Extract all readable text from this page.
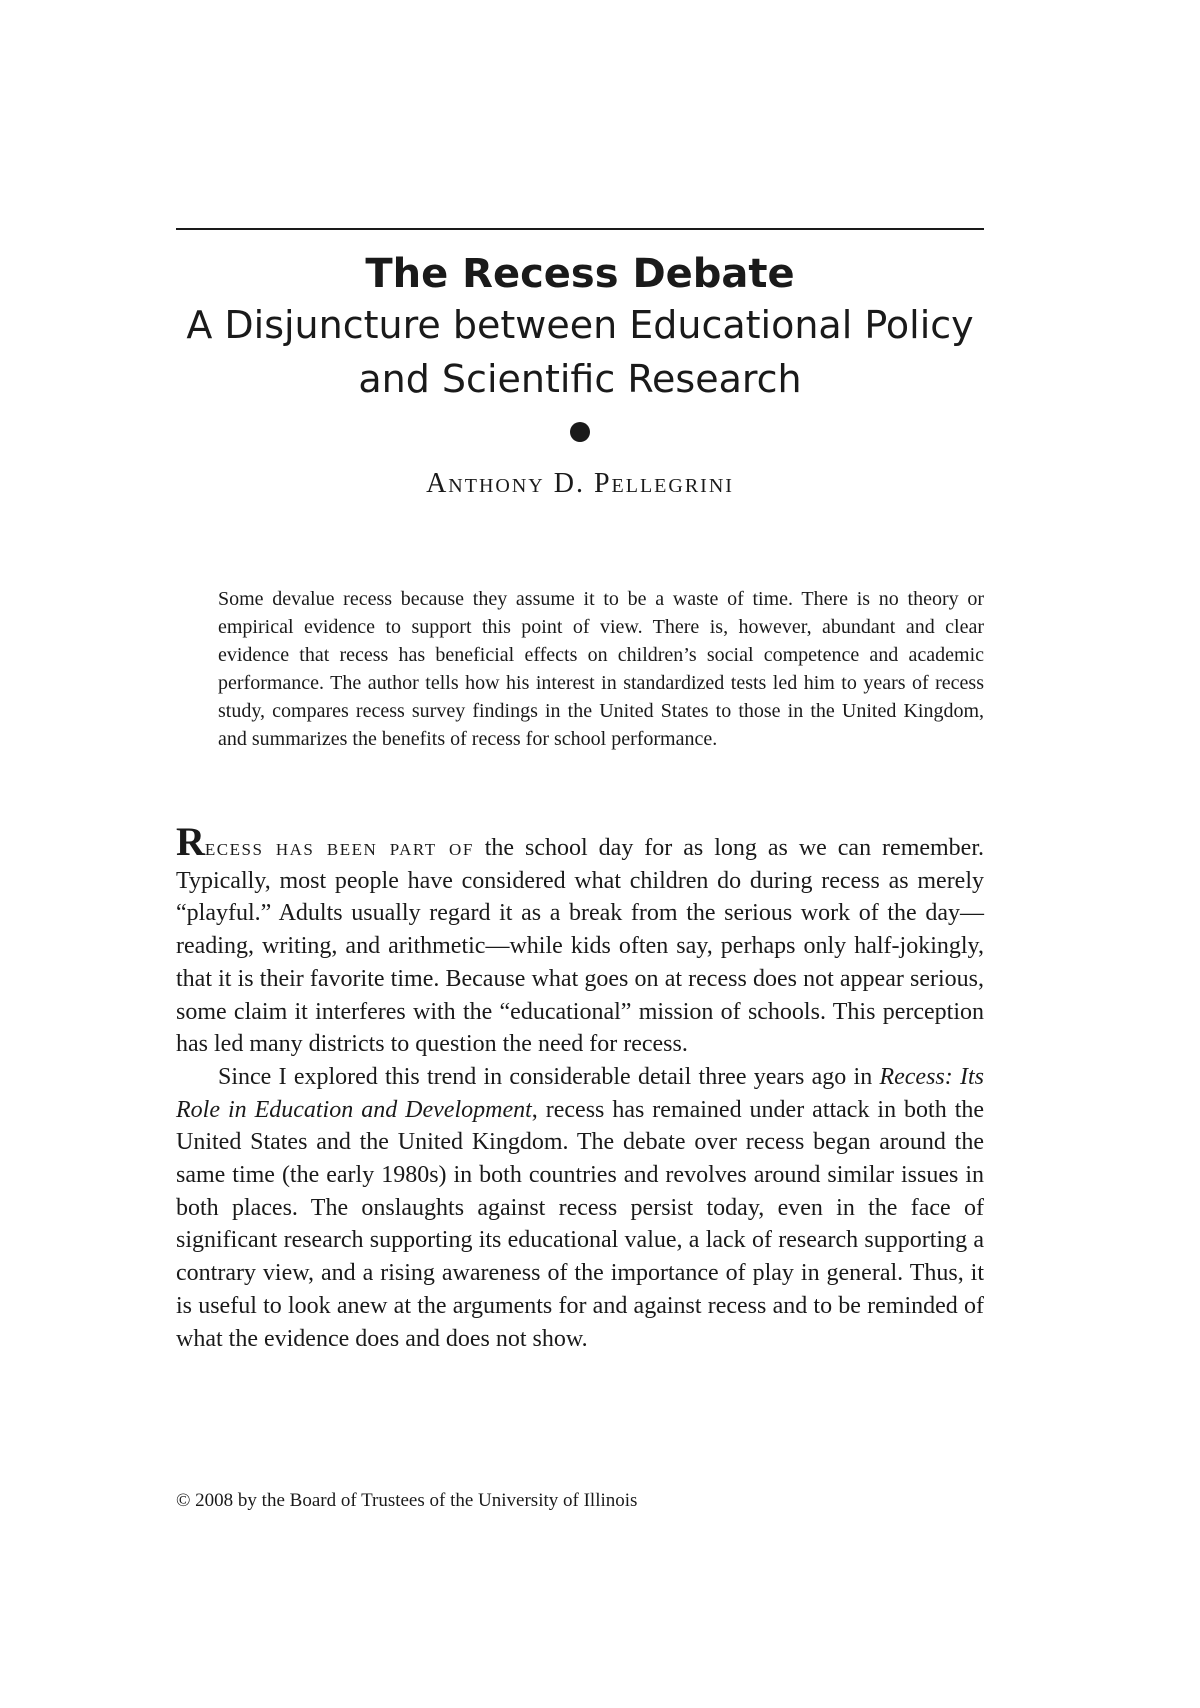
The Recess Debate
A Disjuncture between Educational Policy and Scientific Research
Anthony D. Pellegrini

Some devalue recess because they assume it to be a waste of time. There is no theory or empirical evidence to support this point of view. There is, however, abundant and clear evidence that recess has beneficial effects on children’s social competence and academic performance. The author tells how his interest in standardized tests led him to years of recess study, compares recess survey findings in the United States to those in the United Kingdom, and summarizes the benefits of recess for school performance.

Recess has been part of the school day for as long as we can remember. Typically, most people have considered what children do during recess as merely “playful.” Adults usually regard it as a break from the serious work of the day—reading, writing, and arithmetic—while kids often say, perhaps only half-jokingly, that it is their favorite time. Because what goes on at recess does not appear serious, some claim it interferes with the “educational” mission of schools. This perception has led many districts to question the need for recess.

Since I explored this trend in considerable detail three years ago in Recess: Its Role in Education and Development, recess has remained under attack in both the United States and the United Kingdom. The debate over recess began around the same time (the early 1980s) in both countries and revolves around similar issues in both places. The onslaughts against recess persist today, even in the face of significant research supporting its educational value, a lack of research supporting a contrary view, and a rising awareness of the importance of play in general. Thus, it is useful to look anew at the arguments for and against recess and to be reminded of what the evidence does and does not show.

© 2008 by the Board of Trustees of the University of Illinois
